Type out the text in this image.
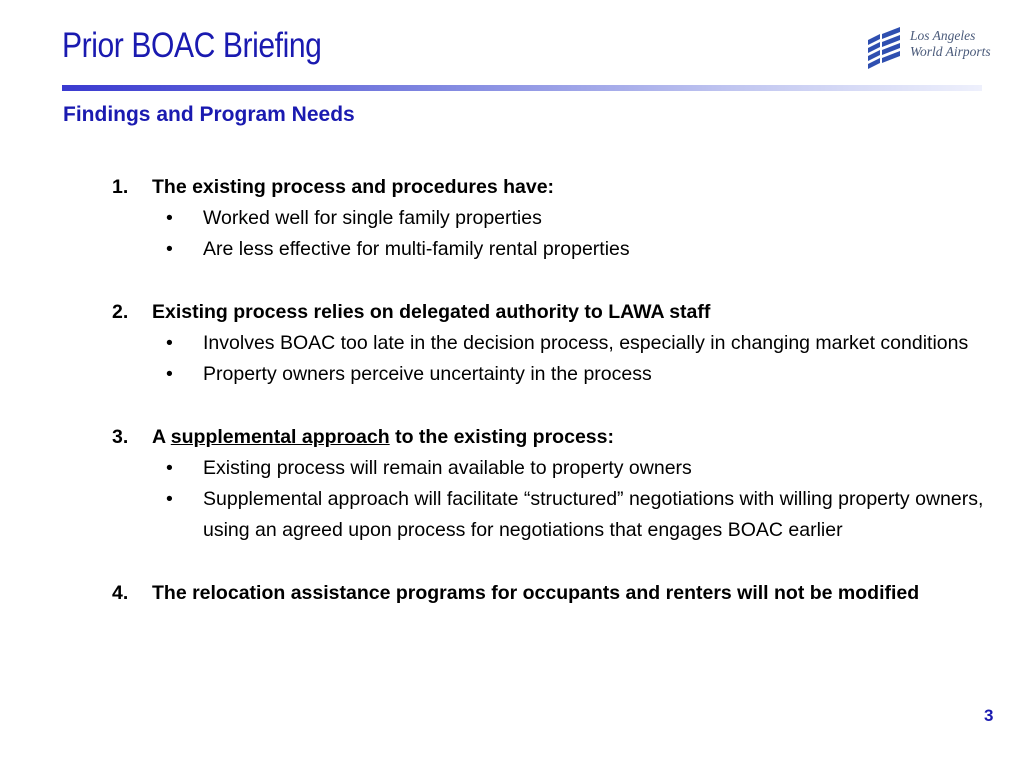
Prior BOAC Briefing	Los Angeles
World Airports
Findings and Program Needs
1. The existing process and procedures have:
• Worked well for single family properties
• Are less effective for multi-family rental properties
2. Existing process relies on delegated authority to LAWA staff
• Involves BOAC too late in the decision process, especially in changing market conditions
• Property owners perceive uncertainty in the process
3. A supplemental approach to the existing process:
• Existing process will remain available to property owners
• Supplemental approach will facilitate “structured” negotiations with willing property owners, using an agreed upon process for negotiations that engages BOAC earlier
4. The relocation assistance programs for occupants and renters will not be modified
3
